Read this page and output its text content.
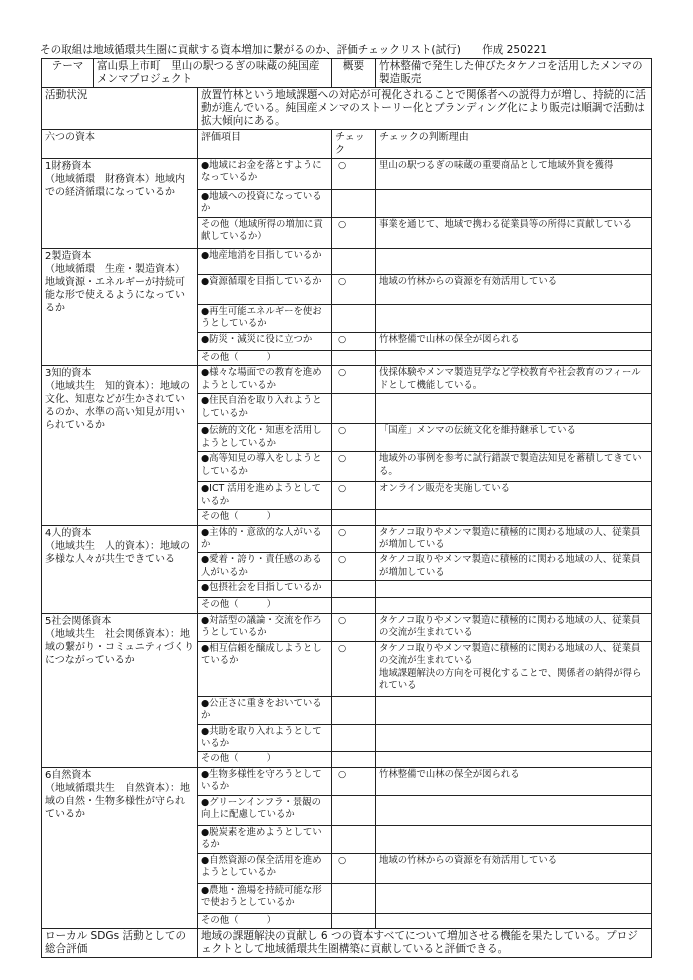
その取組は地域循環共生圏に貢献する資本増加に繋がるのか、評価チェックリスト(試行)　　作成 250221
テーマ	富山県上市町　里山の駅つるぎの味蔵の純国産メンマプロジェクト		概要	竹林整備で発生した伸びたタケノコを活用したメンマの製造販売
活動状況		放置竹林という地域課題への対応が可視化されることで関係者への説得力が増し、持続的に活動が進んでいる。純国産メンマのストーリー化とブランディング化により販売は順調で活動は拡大傾向にある。		
六つの資本		評価項目	チェック	チェックの判断理由

1財務資本
（地域循環　財務資本）地域内での経済循環になっているか		●地域にお金を落とすようになっているか	○	里山の駅つるぎの味蔵の重要商品として地域外貨を獲得

		●地域への投資になっているか		

		その他（地域所得の増加に貢献しているか）	○	事業を通じて、地域で携わる従業員等の所得に貢献している

2製造資本
（地域循環　生産・製造資本）地域資源・エネルギーが持続可能な形で使えるようになっているか		●地産地消を目指しているか		

		●資源循環を目指しているか	○	地域の竹林からの資源を有効活用している

		●再生可能エネルギーを使おうとしているか		

		●防災・減災に役に立つか	○	竹林整備で山林の保全が図られる

		その他（　　　）		

3知的資本
（地域共生　知的資本）：地域の文化、知恵などが生かされているのか、水準の高い知見が用いられているか		●様々な場面での教育を進めようとしているか	○	伐採体験やメンマ製造見学など学校教育や社会教育のフィールドとして機能している。

		●住民自治を取り入れようとしているか		

		●伝統的文化・知恵を活用しようとしているか	○	「国産」メンマの伝統文化を維持継承している

		●高等知見の導入をしようとしているか	○	地域外の事例を参考に試行錯誤で製造法知見を蓄積してきている。

		●ICT 活用を進めようとしているか	○	オンライン販売を実施している

		その他（　　　）		

4人的資本
（地域共生　人的資本）：地域の多様な人々が共生できている		●主体的・意欲的な人がいるか	○	タケノコ取りやメンマ製造に積極的に関わる地域の人、従業員が増加している

		●愛着・誇り・責任感のある人がいるか	○	タケノコ取りやメンマ製造に積極的に関わる地域の人、従業員が増加している

		●包摂社会を目指しているか		

		その他（　　　）		

5社会関係資本
（地域共生　社会関係資本）：地域の繋がり・コミュニティづくりにつながっているか		●対話型の議論・交流を作ろうとしているか	○	タケノコ取りやメンマ製造に積極的に関わる地域の人、従業員の交流が生まれている

		●相互信頼を醸成しようとしているか	○	タケノコ取りやメンマ製造に積極的に関わる地域の人、従業員の交流が生まれている
地域課題解決の方向を可視化することで、関係者の納得が得られている

		●公正さに重きをおいているか		

		●共助を取り入れようとしているか		

		その他（　　　）		

6自然資本
（地域循環共生　自然資本）：地域の自然・生物多様性が守られているか		●生物多様性を守ろうとしているか	○	竹林整備で山林の保全が図られる

		●グリーンインフラ・景観の向上に配慮しているか		

		●脱炭素を進めようとしているか		

		●自然資源の保全活用を進めようとしているか	○	地域の竹林からの資源を有効活用している

		●農地・漁場を持続可能な形で使おうとしているか		

		その他（　　　）		

ローカル SDGs 活動としての総合評価		地域の課題解決の貢献し 6 つの資本すべてについて増加させる機能を果たしている。プロジェクトとして地域循環共生圏構築に貢献していると評価できる。		
